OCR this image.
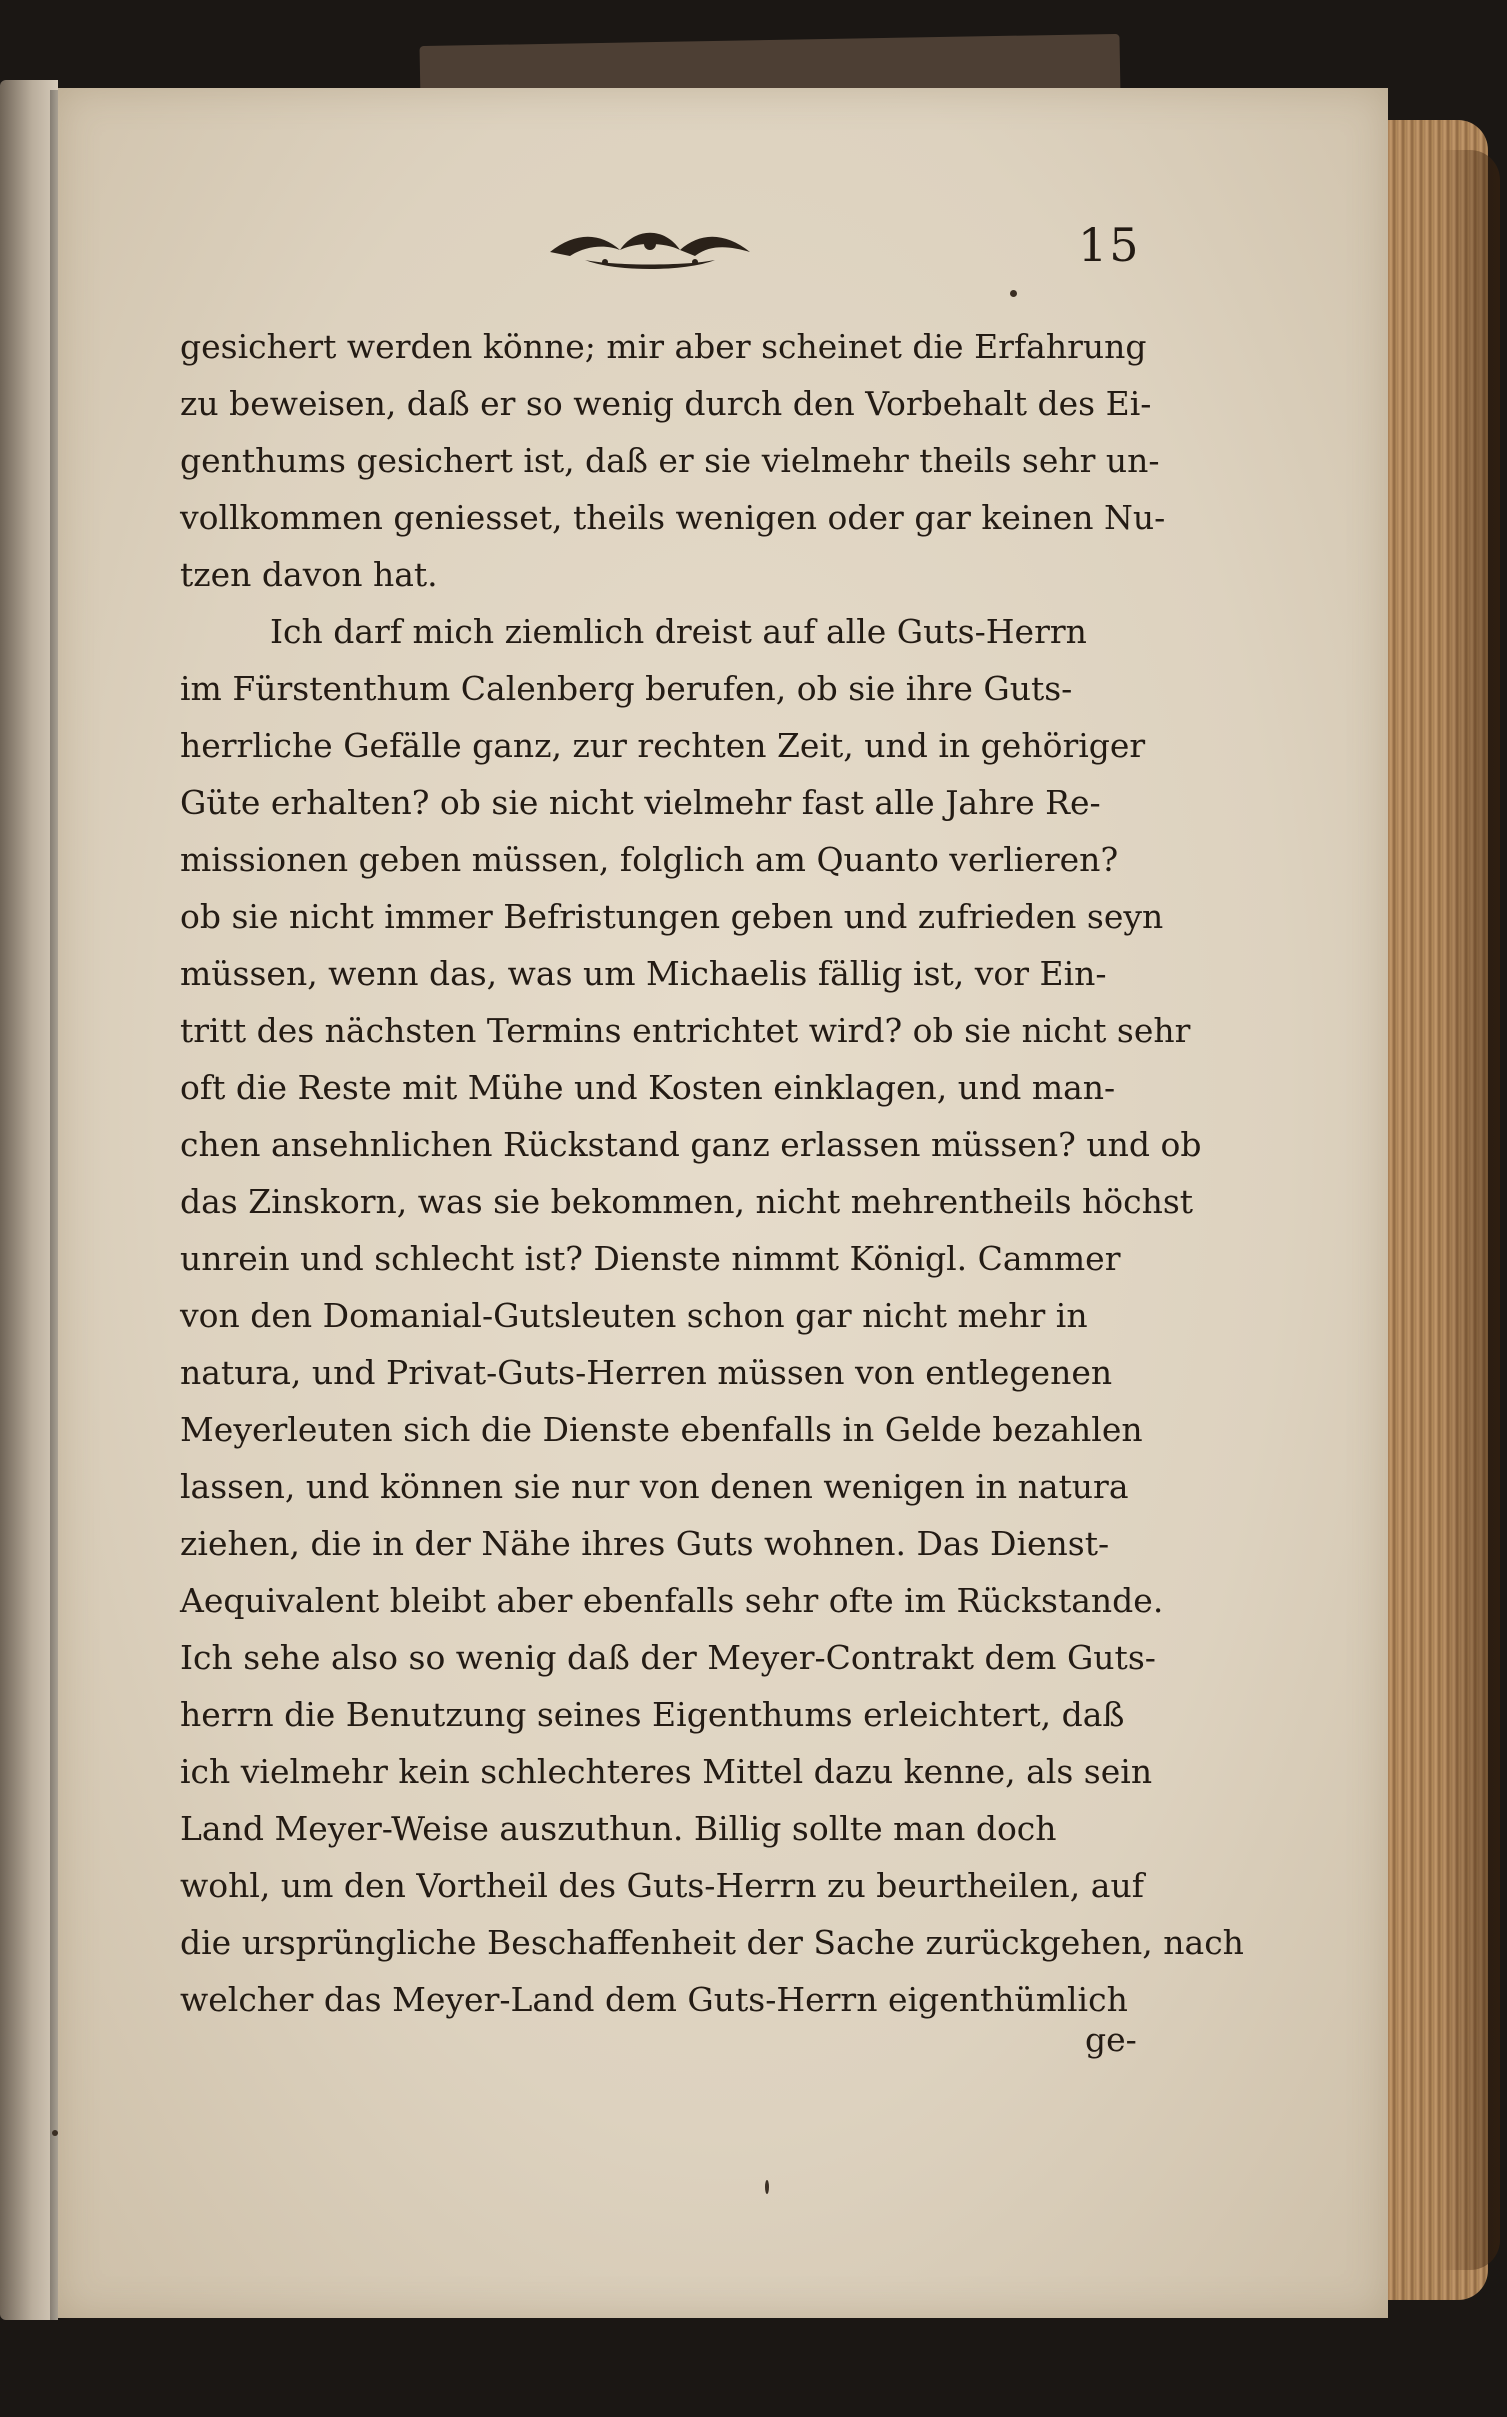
15
gesichert werden könne; mir aber scheinet die Erfahrung
zu beweisen, daß er so wenig durch den Vorbehalt des Ei-
genthums gesichert ist, daß er sie vielmehr theils sehr un-
vollkommen geniesset, theils wenigen oder gar keinen Nu-
tzen davon hat.
Ich darf mich ziemlich dreist auf alle Guts-Herrn
im Fürstenthum Calenberg berufen, ob sie ihre Guts-
herrliche Gefälle ganz, zur rechten Zeit, und in gehöriger
Güte erhalten? ob sie nicht vielmehr fast alle Jahre Re-
missionen geben müssen, folglich am Quanto verlieren?
ob sie nicht immer Befristungen geben und zufrieden seyn
müssen, wenn das, was um Michaelis fällig ist, vor Ein-
tritt des nächsten Termins entrichtet wird? ob sie nicht sehr
oft die Reste mit Mühe und Kosten einklagen, und man-
chen ansehnlichen Rückstand ganz erlassen müssen? und ob
das Zinskorn, was sie bekommen, nicht mehrentheils höchst
unrein und schlecht ist? Dienste nimmt Königl. Cammer
von den Domanial-Gutsleuten schon gar nicht mehr in
natura, und Privat-Guts-Herren müssen von entlegenen
Meyerleuten sich die Dienste ebenfalls in Gelde bezahlen
lassen, und können sie nur von denen wenigen in natura
ziehen, die in der Nähe ihres Guts wohnen. Das Dienst-
Aequivalent bleibt aber ebenfalls sehr ofte im Rückstande.
Ich sehe also so wenig daß der Meyer-Contrakt dem Guts-
herrn die Benutzung seines Eigenthums erleichtert, daß
ich vielmehr kein schlechteres Mittel dazu kenne, als sein
Land Meyer-Weise auszuthun. Billig sollte man doch
wohl, um den Vortheil des Guts-Herrn zu beurtheilen, auf
die ursprüngliche Beschaffenheit der Sache zurückgehen, nach
welcher das Meyer-Land dem Guts-Herrn eigenthümlich
ge-
